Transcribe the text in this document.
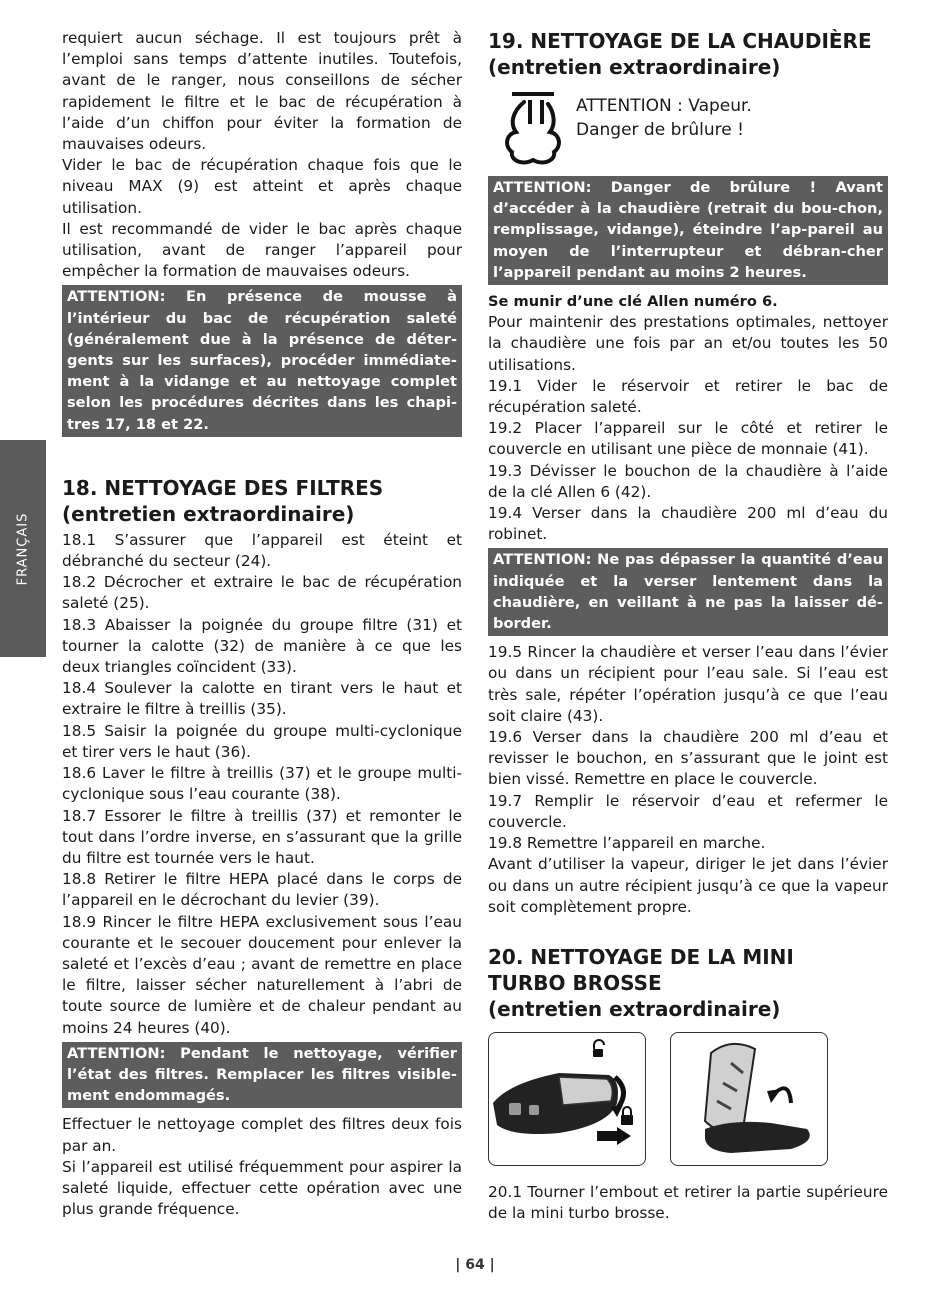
FRANÇAIS

requiert aucun séchage. Il est toujours prêt à l’emploi sans temps d’attente inutiles. Toutefois, avant de le ranger, nous conseillons de sécher rapidement le filtre et le bac de récupération à l’aide d’un chiffon pour éviter la formation de mauvaises odeurs.

Vider le bac de récupération chaque fois que le niveau MAX (9) est atteint et après chaque utilisation.

Il est recommandé de vider le bac après chaque utilisation, avant de ranger l’appareil pour empêcher la formation de mauvaises odeurs.

ATTENTION: En présence de mousse à l’intérieur du bac de récupération saleté (généralement due à la présence de déter-gents sur les surfaces), procéder immédiate-ment à la vidange et au nettoyage complet selon les procédures décrites dans les chapi-tres 17, 18 et 22.
18. NETTOYAGE DES FILTRES
(entretien extraordinaire)

18.1 S’assurer que l’appareil est éteint et débranché du secteur (24).

18.2 Décrocher et extraire le bac de récupération saleté (25).

18.3 Abaisser la poignée du groupe filtre (31) et tourner la calotte (32) de manière à ce que les deux triangles coïncident (33).

18.4 Soulever la calotte en tirant vers le haut et extraire le filtre à treillis (35).

18.5 Saisir la poignée du groupe multi-cyclonique et tirer vers le haut (36).

18.6 Laver le filtre à treillis (37) et le groupe multi-cyclonique sous l’eau courante (38).

18.7 Essorer le filtre à treillis (37) et remonter le tout dans l’ordre inverse, en s’assurant que la grille du filtre est tournée vers le haut.

18.8 Retirer le filtre HEPA placé dans le corps de l’appareil en le décrochant du levier (39).

18.9 Rincer le filtre HEPA exclusivement sous l’eau courante et le secouer doucement pour enlever la saleté et l’excès d’eau ; avant de remettre en place le filtre, laisser sécher naturellement à l’abri de toute source de lumière et de chaleur pendant au moins 24 heures (40).

ATTENTION: Pendant le nettoyage, vérifier l’état des filtres. Remplacer les filtres visible-ment endommagés.

Effectuer le nettoyage complet des filtres deux fois par an.

Si l’appareil est utilisé fréquemment pour aspirer la saleté liquide, effectuer cette opération avec une plus grande fréquence.

19. NETTOYAGE DE LA CHAUDIÈRE
(entretien extraordinaire)
ATTENTION : Vapeur.
Danger de brûlure !
ATTENTION: Danger de brûlure ! Avant d’accéder à la chaudière (retrait du bou-chon, remplissage, vidange), éteindre l’ap-pareil au moyen de l’interrupteur et débran-cher l’appareil pendant au moins 2 heures.

Se munir d’une clé Allen numéro 6.

Pour maintenir des prestations optimales, nettoyer la chaudière une fois par an et/ou toutes les 50 utilisations.

19.1 Vider le réservoir et retirer le bac de récupération saleté.

19.2 Placer l’appareil sur le côté et retirer le couvercle en utilisant une pièce de monnaie (41).

19.3 Dévisser le bouchon de la chaudière à l’aide de la clé Allen 6 (42).

19.4 Verser dans la chaudière 200 ml d’eau du robinet.

ATTENTION: Ne pas dépasser la quantité d’eau indiquée et la verser lentement dans la chaudière, en veillant à ne pas la laisser dé-border.

19.5 Rincer la chaudière et verser l’eau dans l’évier ou dans un récipient pour l’eau sale. Si l’eau est très sale, répéter l’opération jusqu’à ce que l’eau soit claire (43).

19.6 Verser dans la chaudière 200 ml d’eau et revisser le bouchon, en s’assurant que le joint est bien vissé. Remettre en place le couvercle.

19.7 Remplir le réservoir d’eau et refermer le couvercle.

19.8 Remettre l’appareil en marche.

Avant d’utiliser la vapeur, diriger le jet dans l’évier ou dans un autre récipient jusqu’à ce que la vapeur soit complètement propre.

20. NETTOYAGE DE LA MINI
TURBO BROSSE
(entretien extraordinaire)

20.1 Tourner l’embout et retirer la partie supérieure de la mini turbo brosse.

| 64 |
